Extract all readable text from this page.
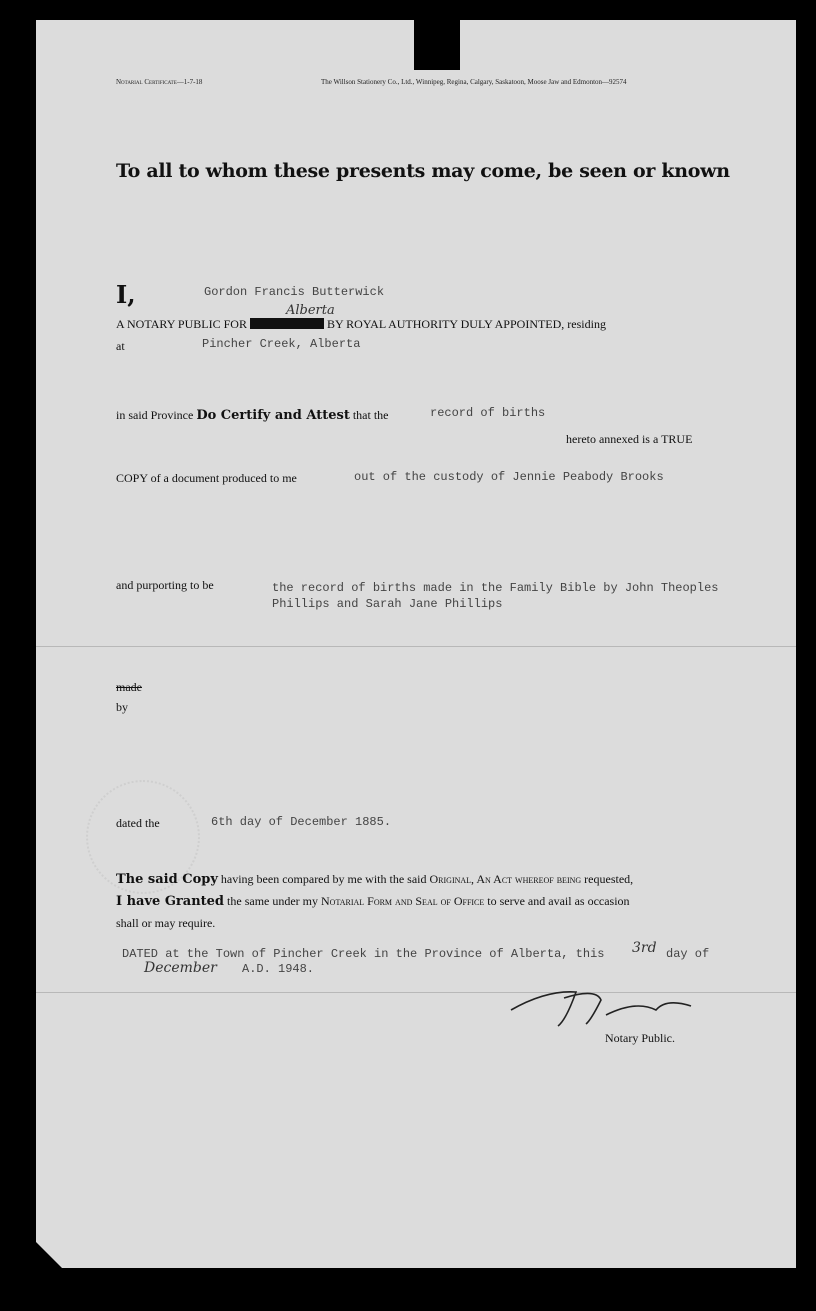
Notarial Certificate—1-7-18	The Willson Stationery Co., Ltd., Winnipeg, Regina, Calgary, Saskatoon, Moose Jaw and Edmonton—92574
To all to whom these presents may come, be seen or known
I,	Gordon Francis Butterwick
Alberta
A NOTARY PUBLIC FOR	BY ROYAL AUTHORITY DULY APPOINTED, residing
at	Pincher Creek, Alberta
in said Province Do Certify and Attest that the	record of births
hereto annexed is a TRUE
COPY of a document produced to me	out of the custody of Jennie Peabody Brooks
and purporting to be	the record of births made in the Family Bible by John Theoples
Phillips and Sarah Jane Phillips
made
by
dated the	6th day of December 1885.
The said Copy having been compared by me with the said Original, An Act whereof being requested,
I have Granted the same under my Notarial Form and Seal of Office to serve and avail as occasion
shall or may require.
DATED at the Town of Pincher Creek in the Province of Alberta, this 3rd day of
December A.D. 1948.
Notary Public.
